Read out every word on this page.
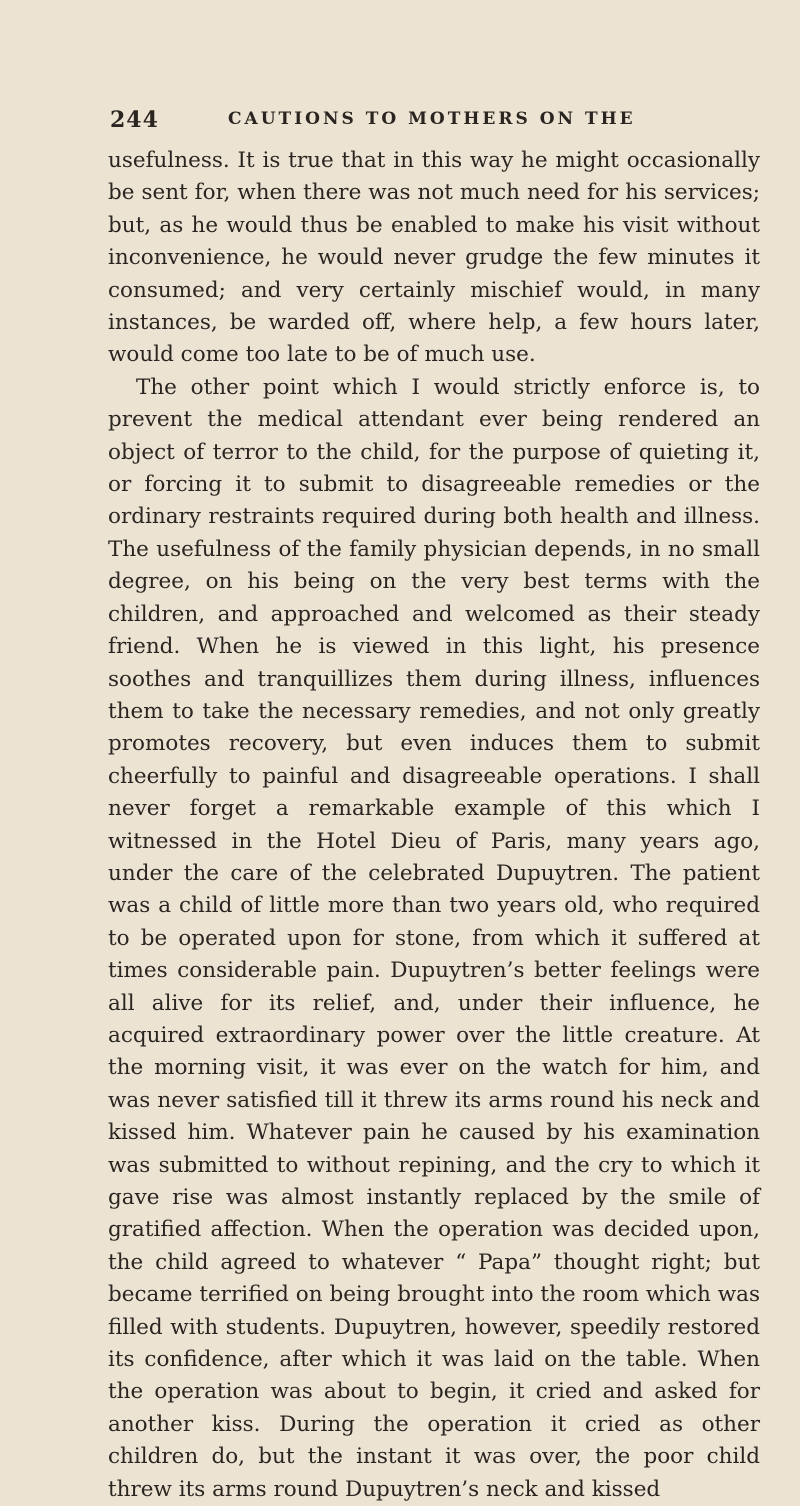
244	CAUTIONS TO MOTHERS ON THE

usefulness. It is true that in this way he might occasionally be sent for, when there was not much need for his services; but, as he would thus be enabled to make his visit without inconvenience, he would never grudge the few minutes it consumed; and very certainly mischief would, in many instances, be warded off, where help, a few hours later, would come too late to be of much use.

The other point which I would strictly enforce is, to prevent the medical attendant ever being rendered an object of terror to the child, for the purpose of quieting it, or forcing it to submit to disagreeable remedies or the ordinary restraints required during both health and illness. The usefulness of the family physician depends, in no small degree, on his being on the very best terms with the children, and approached and welcomed as their steady friend. When he is viewed in this light, his presence soothes and tranquillizes them during illness, influences them to take the necessary remedies, and not only greatly promotes recovery, but even induces them to submit cheerfully to painful and disagreeable operations. I shall never forget a remarkable example of this which I witnessed in the Hotel Dieu of Paris, many years ago, under the care of the celebrated Dupuytren. The patient was a child of little more than two years old, who required to be operated upon for stone, from which it suffered at times considerable pain. Dupuytren’s better feelings were all alive for its relief, and, under their influence, he acquired extraordinary power over the little creature. At the morning visit, it was ever on the watch for him, and was never satisfied till it threw its arms round his neck and kissed him. Whatever pain he caused by his examination was submitted to without repining, and the cry to which it gave rise was almost instantly replaced by the smile of gratified affection. When the operation was decided upon, the child agreed to whatever “ Papa” thought right; but became terrified on being brought into the room which was filled with students. Dupuytren, however, speedily restored its confidence, after which it was laid on the table. When the operation was about to begin, it cried and asked for another kiss. During the operation it cried as other children do, but the instant it was over, the poor child threw its arms round Dupuytren’s neck and kissed
